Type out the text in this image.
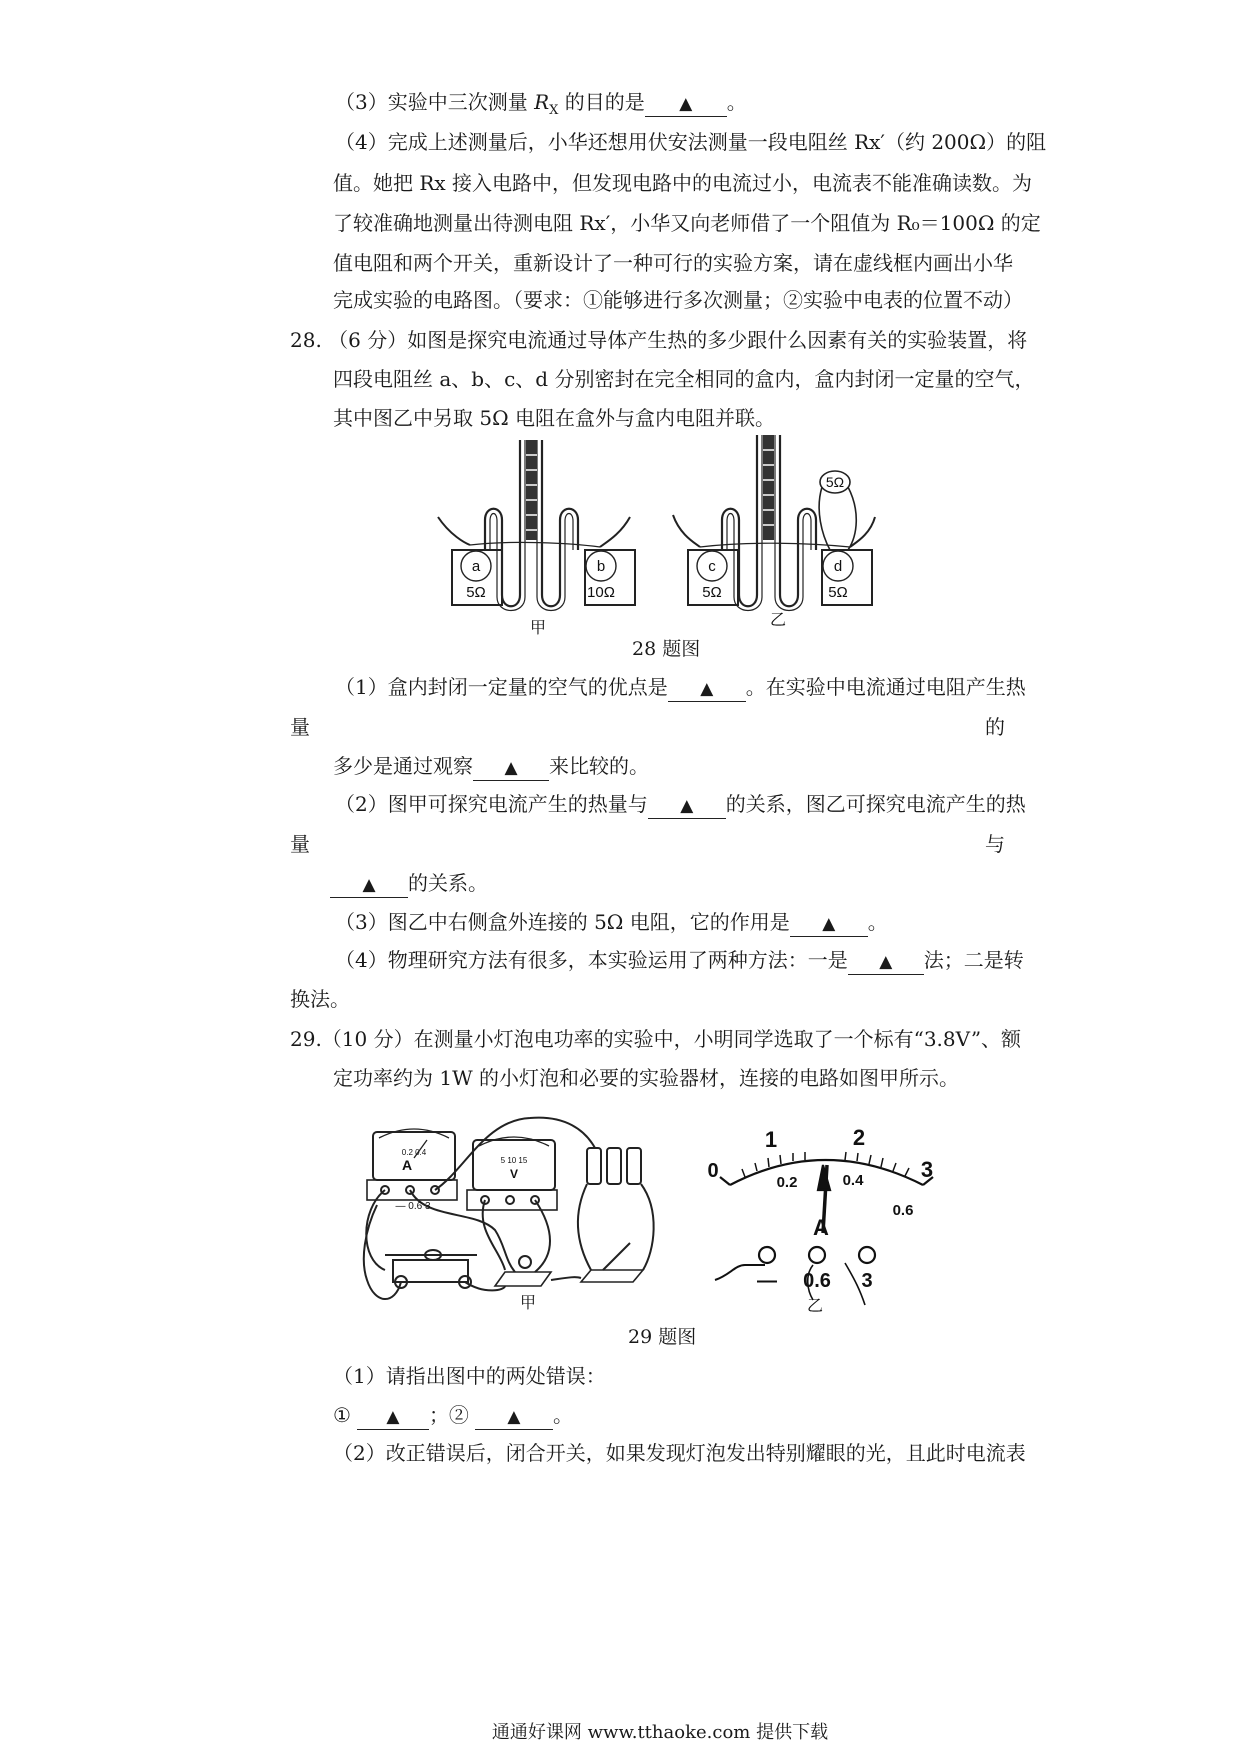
（3）实验中三次测量 $R_X$ 的目的是 ▲ 。
（4）完成上述测量后，小华还想用伏安法测量一段电阻丝 Rx′（约 200Ω）的阻
值。她把 Rx 接入电路中，但发现电路中的电流过小，电流表不能准确读数。为
了较准确地测量出待测电阻 Rx′，小华又向老师借了一个阻值为 R₀＝100Ω 的定
值电阻和两个开关，重新设计了一种可行的实验方案，请在虚线框内画出小华
完成实验的电路图。（要求：①能够进行多次测量；②实验中电表的位置不动）
28. （6 分）如图是探究电流通过导体产生热的多少跟什么因素有关的实验装置，将
四段电阻丝 a、b、c、d 分别密封在完全相同的盒内，盒内封闭一定量的空气，
其中图乙中另取 5Ω 电阻在盒外与盒内电阻并联。
a	b	c	d
5Ω	10Ω	5Ω	5Ω
5Ω
甲	乙
28 题图
（1）盒内封闭一定量的空气的优点是 ▲ 。在实验中电流通过电阻产生热
量	的
多少是通过观察 ▲ 来比较的。
（2）图甲可探究电流产生的热量与 ▲ 的关系，图乙可探究电流产生的热
量	与
▲ 的关系。
（3）图乙中右侧盒外连接的 5Ω 电阻，它的作用是 ▲ 。
（4）物理研究方法有很多，本实验运用了两种方法：一是 ▲ 法；二是转
换法。
29.（10 分）在测量小灯泡电功率的实验中，小明同学选取了一个标有“3.8V”、额
定功率约为 1W 的小灯泡和必要的实验器材，连接的电路如图甲所示。
A
0.2 0.4
— 0.6 3
5 10 15
V
甲
0
1	2
3
0.2	0.4
0.6
A
— 0.6 3
乙
29 题图
（1）请指出图中的两处错误：
① ▲ ；② ▲ 。
（2）改正错误后，闭合开关，如果发现灯泡发出特别耀眼的光，且此时电流表
通通好课网 www.tthaoke.com 提供下载
